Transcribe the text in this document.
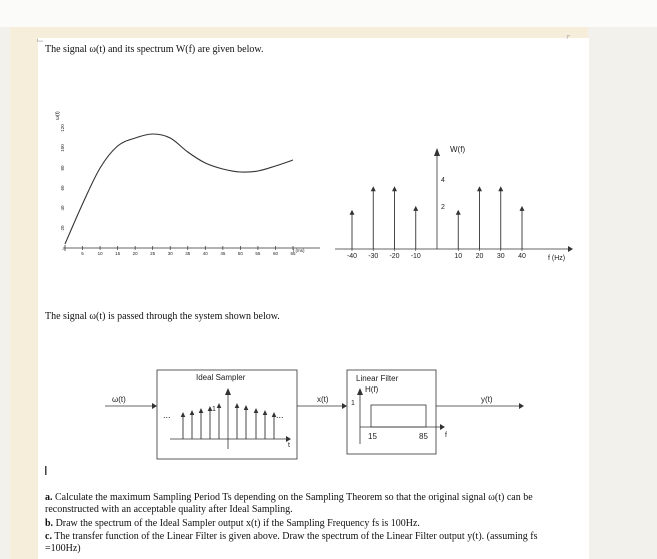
⌙	⌜
The signal ω(t) and its spectrum W(f) are given below.
ω(t)
20
40
60
80
100
120
-
5	10	15	20	25	30	35	40	45	50	55	60	65
t (ms)
W(f)
4
2
-40 -30 -20 -10	10 20 30 40	f (Hz)
ω(t)
Ideal Sampler
t
...	...
1
x(t)
Linear Filter
H(f)
f
1
15	85
y(t)
The signal ω(t) is passed through the system shown below.
I
a. Calculate the maximum Sampling Period Ts depending on the Sampling Theorem so that the original signal ω(t) can be reconstructed with an acceptable quality after Ideal Sampling.
b. Draw the spectrum of the Ideal Sampler output x(t) if the Sampling Frequency fs is 100Hz.
c. The transfer function of the Linear Filter is given above. Draw the spectrum of the Linear Filter output y(t). (assuming fs =100Hz)
